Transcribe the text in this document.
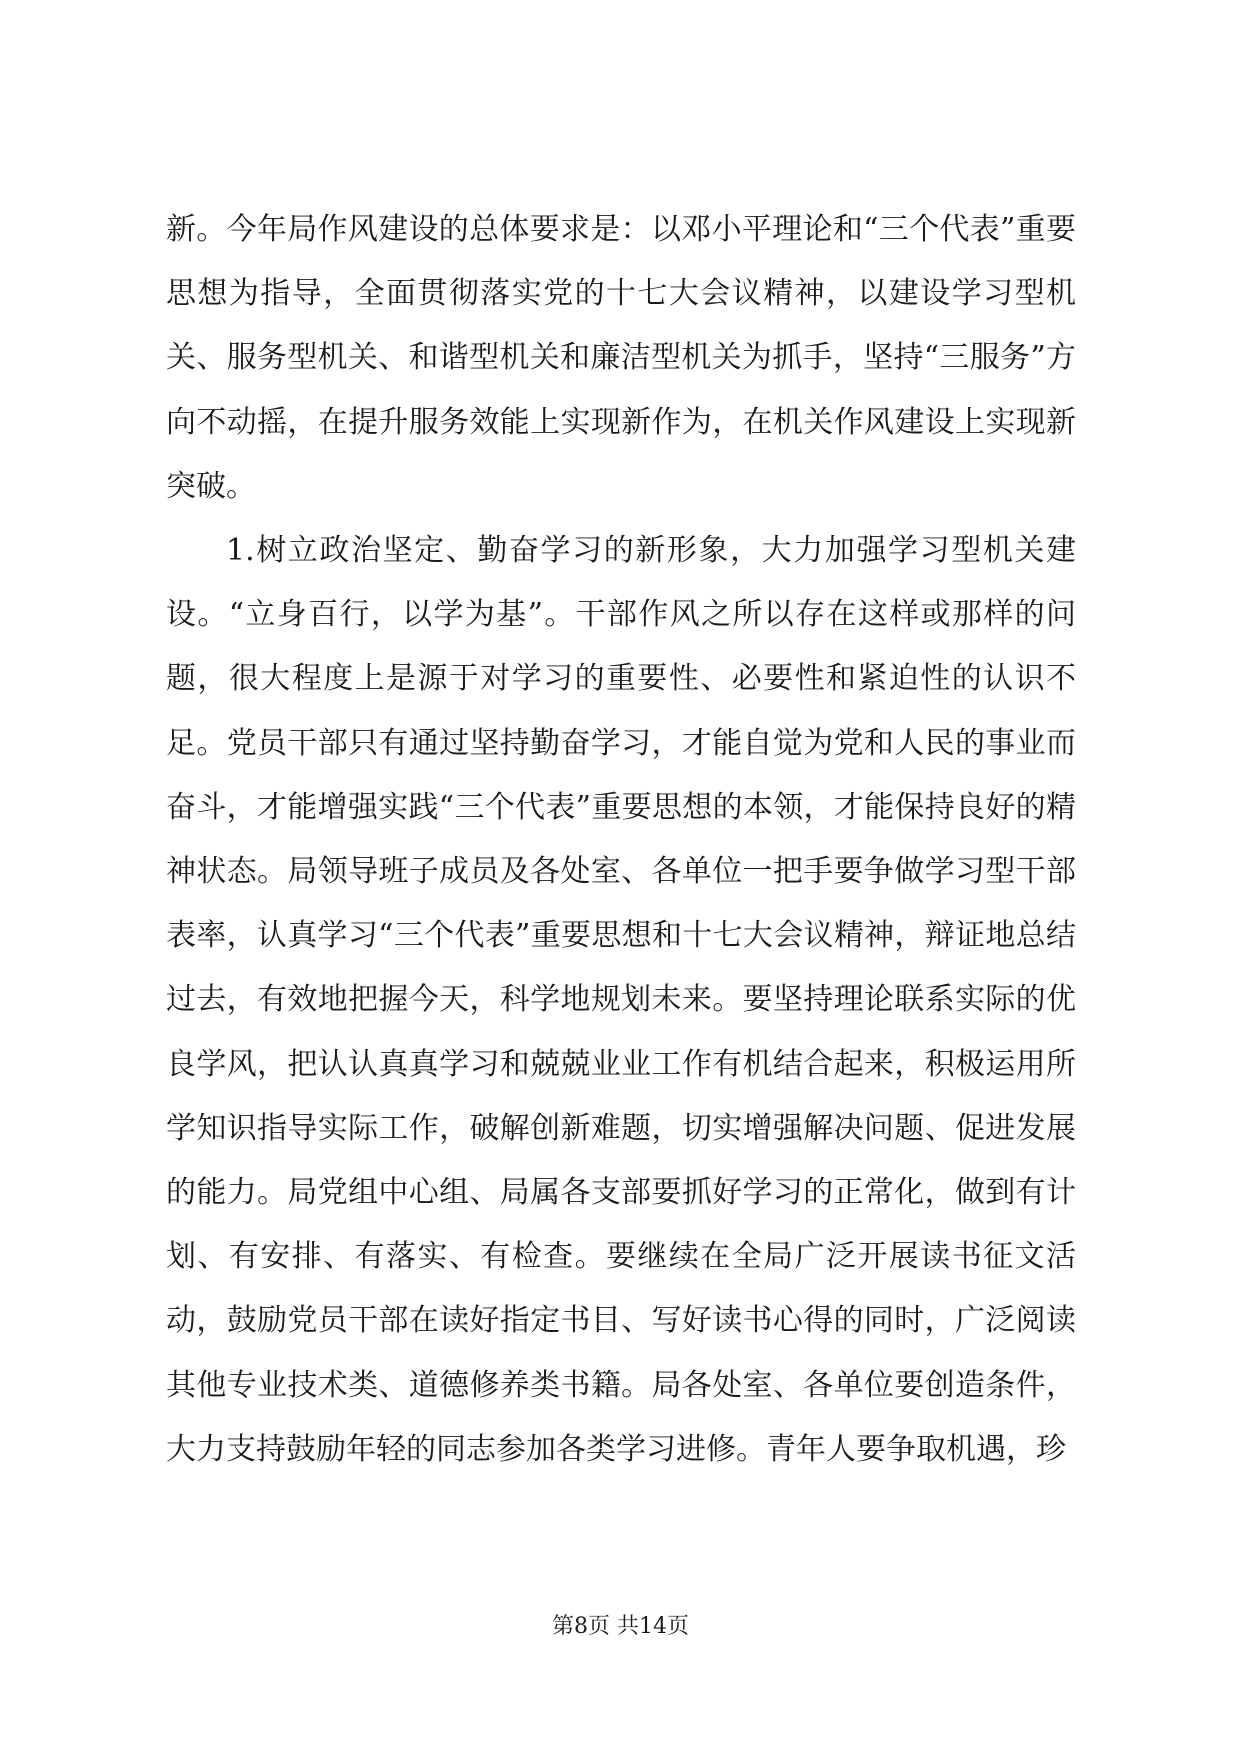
新。今年局作风建设的总体要求是：以邓小平理论和“三个代表”重要思想为指导，全面贯彻落实党的十七大会议精神，以建设学习型机关、服务型机关、和谐型机关和廉洁型机关为抓手，坚持“三服务”方向不动摇，在提升服务效能上实现新作为，在机关作风建设上实现新突破。

1.树立政治坚定、勤奋学习的新形象，大力加强学习型机关建设。“立身百行，以学为基”。干部作风之所以存在这样或那样的问题，很大程度上是源于对学习的重要性、必要性和紧迫性的认识不足。党员干部只有通过坚持勤奋学习，才能自觉为党和人民的事业而奋斗，才能增强实践“三个代表”重要思想的本领，才能保持良好的精神状态。局领导班子成员及各处室、各单位一把手要争做学习型干部表率，认真学习“三个代表”重要思想和十七大会议精神，辩证地总结过去，有效地把握今天，科学地规划未来。要坚持理论联系实际的优良学风，把认认真真学习和兢兢业业工作有机结合起来，积极运用所学知识指导实际工作，破解创新难题，切实增强解决问题、促进发展的能力。局党组中心组、局属各支部要抓好学习的正常化，做到有计划、有安排、有落实、有检查。要继续在全局广泛开展读书征文活动，鼓励党员干部在读好指定书目、写好读书心得的同时，广泛阅读其他专业技术类、道德修养类书籍。局各处室、各单位要创造条件，大力支持鼓励年轻的同志参加各类学习进修。青年人要争取机遇，珍

第8页 共14页
